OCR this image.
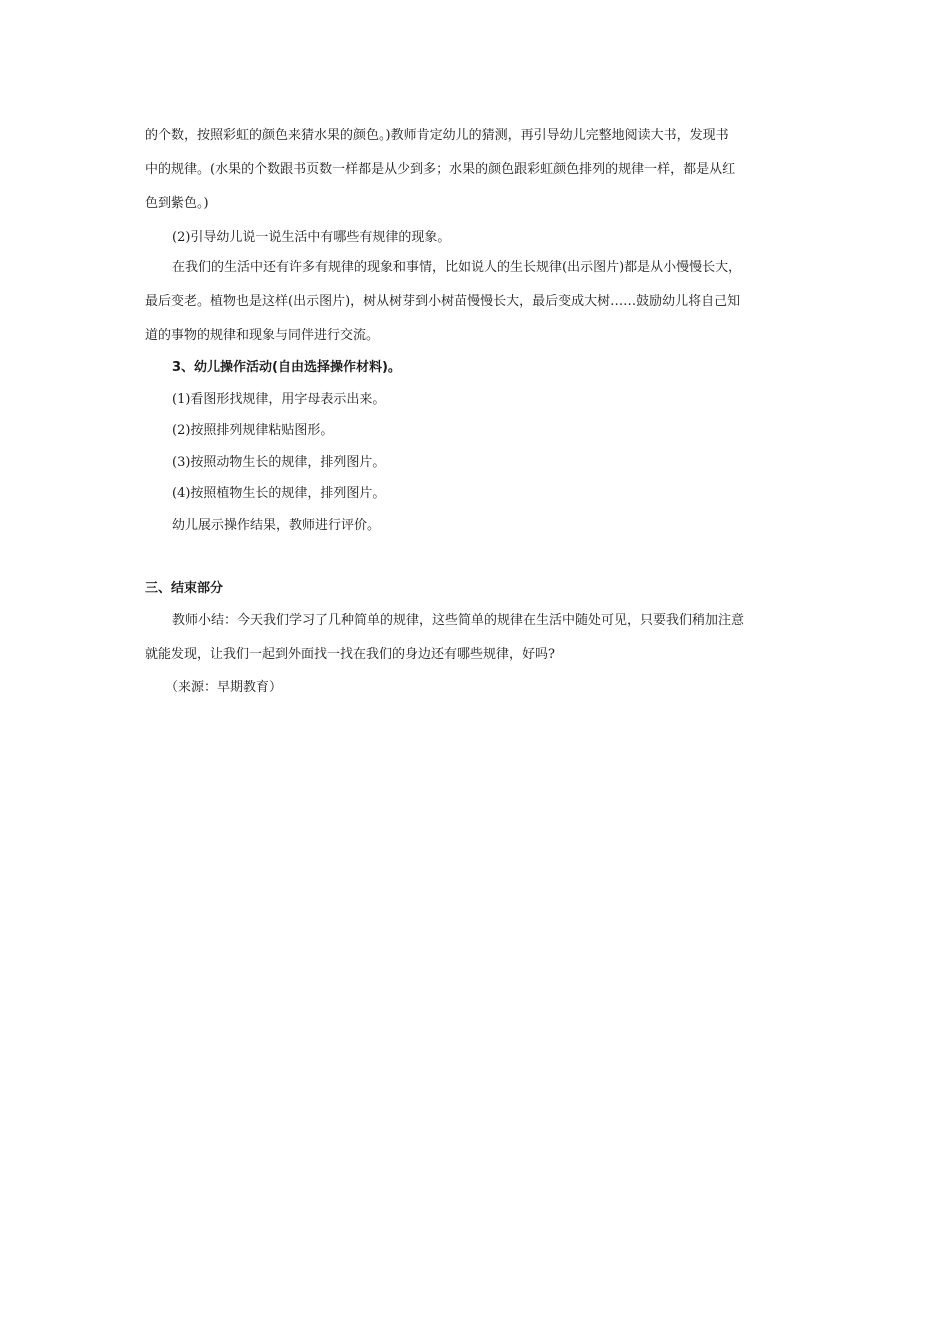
的个数，按照彩虹的颜色来猜水果的颜色。)教师肯定幼儿的猜测，再引导幼儿完整地阅读大书，发现书
中的规律。(水果的个数跟书页数一样都是从少到多；水果的颜色跟彩虹颜色排列的规律一样，都是从红
色到紫色。)
(2)引导幼儿说一说生活中有哪些有规律的现象。
在我们的生活中还有许多有规律的现象和事情，比如说人的生长规律(出示图片)都是从小慢慢长大，
最后变老。植物也是这样(出示图片)，树从树芽到小树苗慢慢长大，最后变成大树……鼓励幼儿将自己知
道的事物的规律和现象与同伴进行交流。
3、幼儿操作活动(自由选择操作材料)。
(1)看图形找规律，用字母表示出来。
(2)按照排列规律粘贴图形。
(3)按照动物生长的规律，排列图片。
(4)按照植物生长的规律，排列图片。
幼儿展示操作结果，教师进行评价。
三、结束部分
教师小结：今天我们学习了几种简单的规律，这些简单的规律在生活中随处可见，只要我们稍加注意
就能发现，让我们一起到外面找一找在我们的身边还有哪些规律，好吗?
（来源：早期教育）
